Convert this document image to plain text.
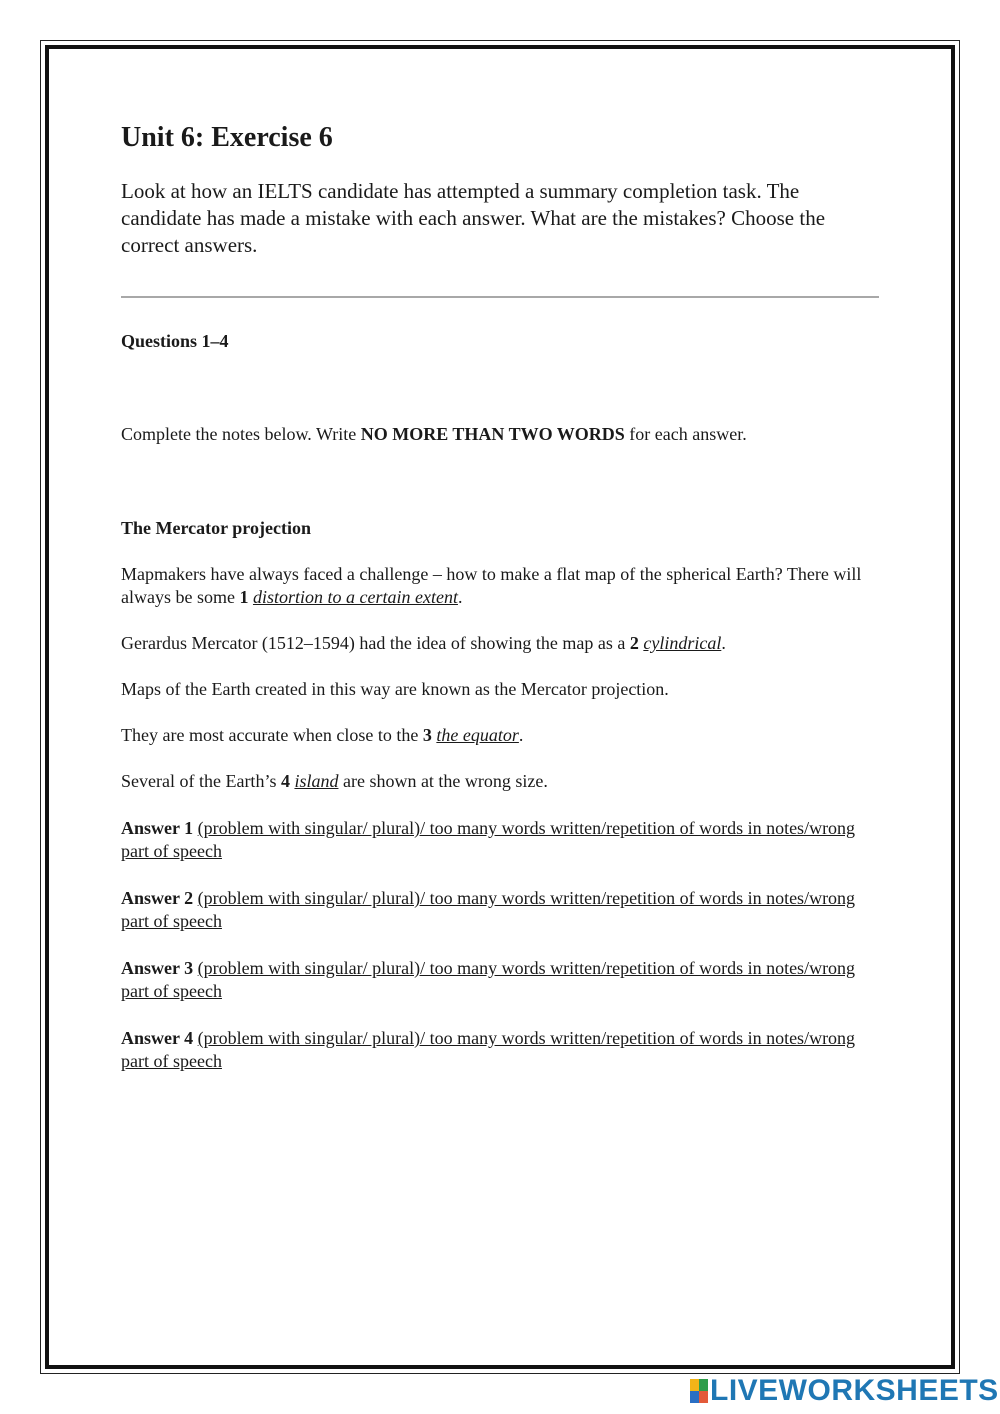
Unit 6: Exercise 6

Look at how an IELTS candidate has attempted a summary completion task. The candidate has made a mistake with each answer. What are the mistakes? Choose the correct answers.

Questions 1–4

Complete the notes below. Write NO MORE THAN TWO WORDS for each answer.

The Mercator projection

Mapmakers have always faced a challenge – how to make a flat map of the spherical Earth? There will always be some 1 distortion to a certain extent.

Gerardus Mercator (1512–1594) had the idea of showing the map as a 2 cylindrical.

Maps of the Earth created in this way are known as the Mercator projection.

They are most accurate when close to the 3 the equator.

Several of the Earth’s 4 island are shown at the wrong size.

Answer 1 (problem with singular/ plural)/ too many words written/repetition of words in notes/wrong part of speech

Answer 2 (problem with singular/ plural)/ too many words written/repetition of words in notes/wrong part of speech

Answer 3 (problem with singular/ plural)/ too many words written/repetition of words in notes/wrong part of speech

Answer 4 (problem with singular/ plural)/ too many words written/repetition of words in notes/wrong part of speech

LIVEWORKSHEETS
